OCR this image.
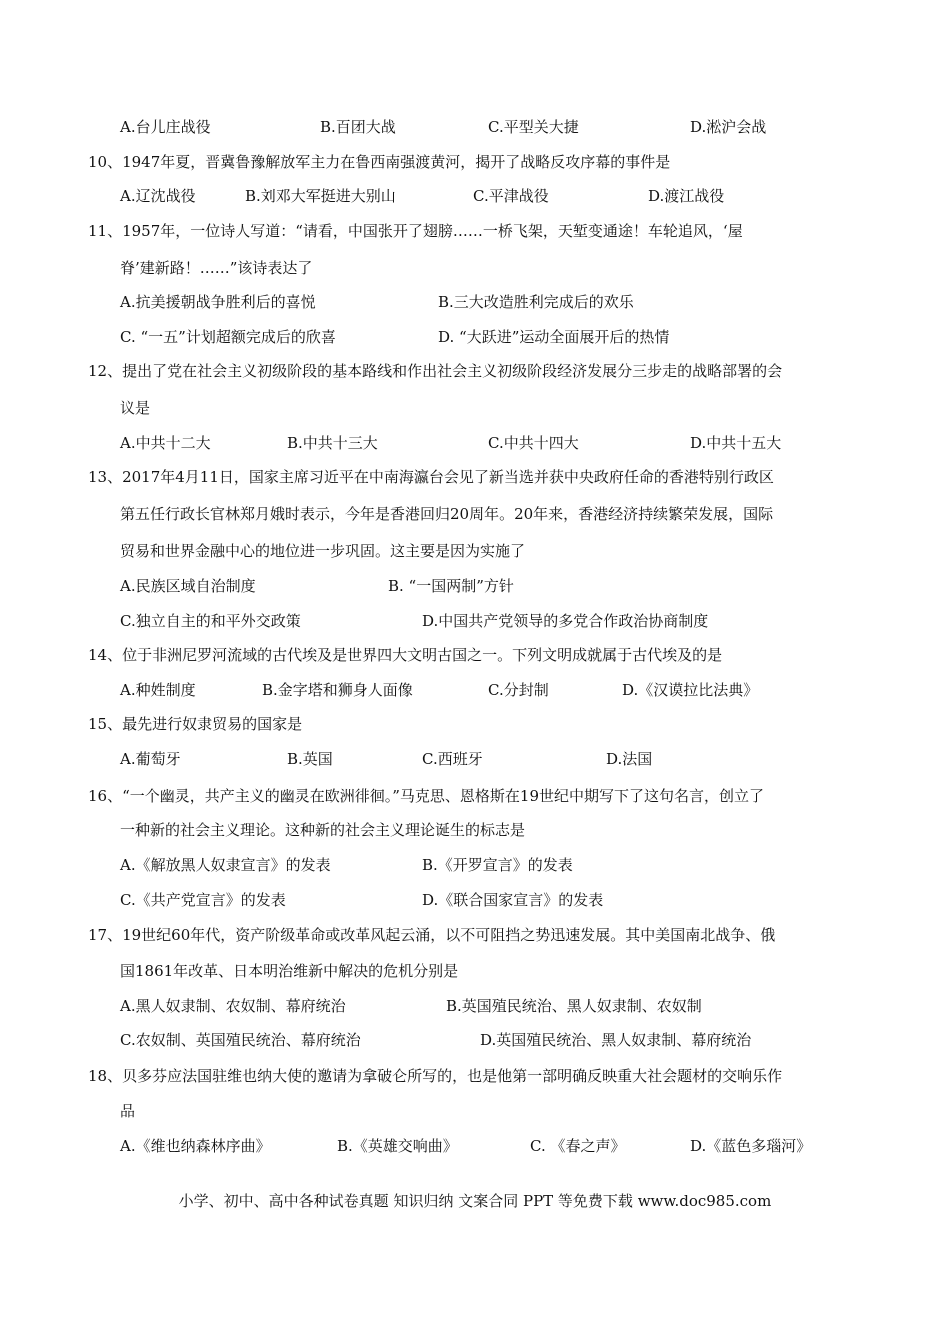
A.台儿庄战役	B.百团大战	C.平型关大捷	D.淞沪会战
10、1947年夏，晋冀鲁豫解放军主力在鲁西南强渡黄河，揭开了战略反攻序幕的事件是
A.辽沈战役	B.刘邓大军挺进大别山	C.平津战役	D.渡江战役
11、1957年，一位诗人写道：“请看，中国张开了翅膀……一桥飞架，天堑变通途！车轮追风，‘屋
脊’建新路！……”该诗表达了
A.抗美援朝战争胜利后的喜悦	B.三大改造胜利完成后的欢乐
C. “一五”计划超额完成后的欣喜	D. “大跃进”运动全面展开后的热情
12、提出了党在社会主义初级阶段的基本路线和作出社会主义初级阶段经济发展分三步走的战略部署的会
议是
A.中共十二大	B.中共十三大	C.中共十四大	D.中共十五大
13、2017年4月11日，国家主席习近平在中南海瀛台会见了新当选并获中央政府任命的香港特别行政区
第五任行政长官林郑月娥时表示，今年是香港回归20周年。20年来，香港经济持续繁荣发展，国际
贸易和世界金融中心的地位进一步巩固。这主要是因为实施了
A.民族区域自治制度	B. “一国两制”方针
C.独立自主的和平外交政策	D.中国共产党领导的多党合作政治协商制度
14、位于非洲尼罗河流域的古代埃及是世界四大文明古国之一。下列文明成就属于古代埃及的是
A.种姓制度	B.金字塔和狮身人面像	C.分封制	D.《汉谟拉比法典》
15、最先进行奴隶贸易的国家是
A.葡萄牙	B.英国	C.西班牙	D.法国
16、“一个幽灵，共产主义的幽灵在欧洲徘徊。”马克思、恩格斯在19世纪中期写下了这句名言，创立了
一种新的社会主义理论。这种新的社会主义理论诞生的标志是
A.《解放黑人奴隶宣言》的发表	B.《开罗宣言》的发表
C.《共产党宣言》的发表	D.《联合国家宣言》的发表
17、19世纪60年代，资产阶级革命或改革风起云涌，以不可阻挡之势迅速发展。其中美国南北战争、俄
国1861年改革、日本明治维新中解决的危机分别是
A.黑人奴隶制、农奴制、幕府统治	B.英国殖民统治、黑人奴隶制、农奴制
C.农奴制、英国殖民统治、幕府统治	D.英国殖民统治、黑人奴隶制、幕府统治
18、贝多芬应法国驻维也纳大使的邀请为拿破仑所写的，也是他第一部明确反映重大社会题材的交响乐作
品
A.《维也纳森林序曲》	B.《英雄交响曲》	C. 《春之声》	D.《蓝色多瑙河》
小学、初中、高中各种试卷真题 知识归纳 文案合同 PPT 等免费下载 www.doc985.com
